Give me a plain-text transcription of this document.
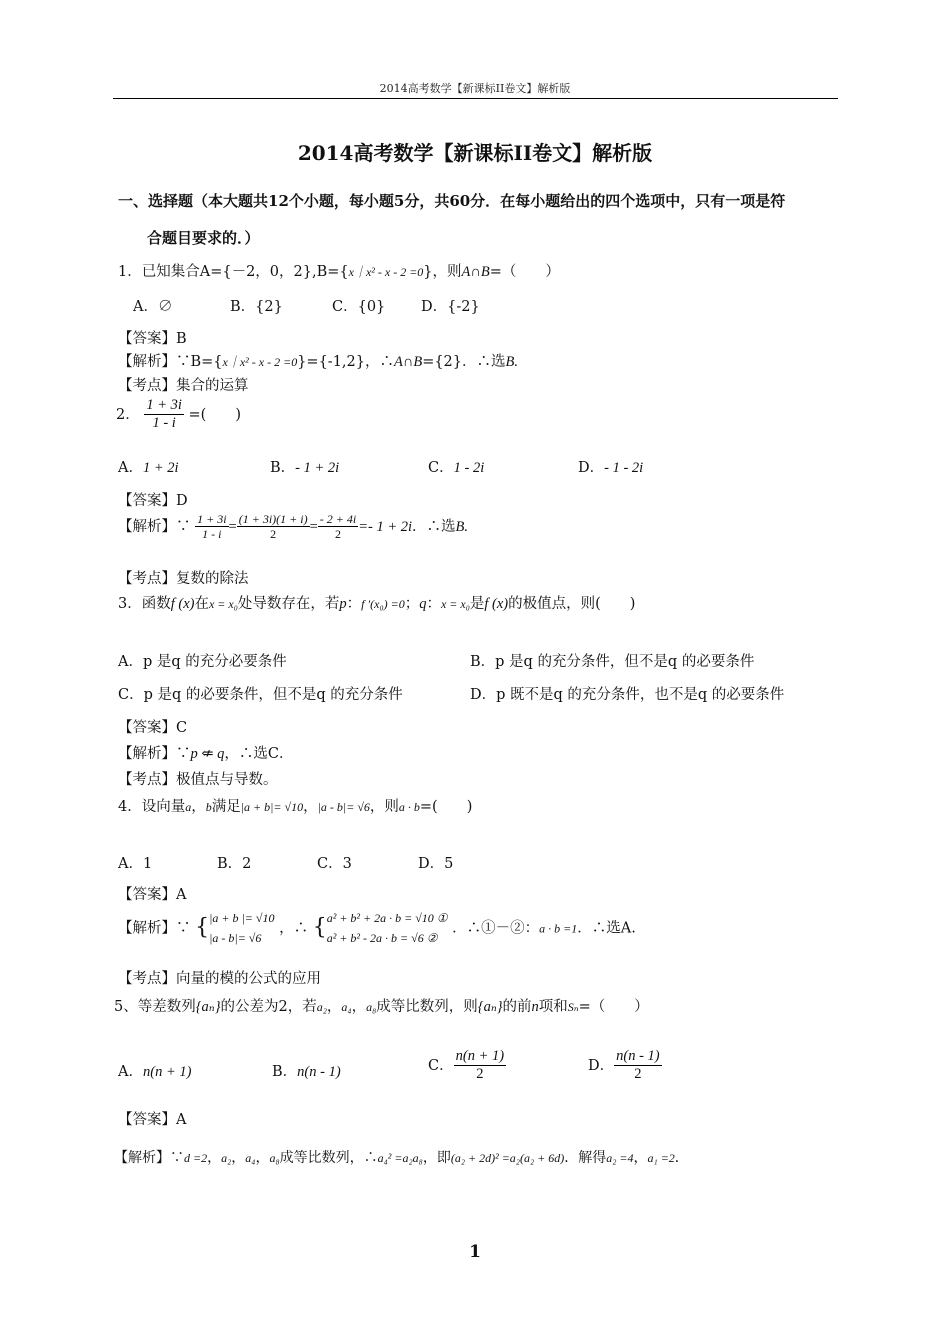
2014高考数学【新课标II卷文】解析版
2014高考数学【新课标II卷文】解析版
一、选择题（本大题共12个小题，每小题5分，共60分．在每小题给出的四个选项中，只有一项是符
合题目要求的．）
1．已知集合A={－2，0，2},B={x｜x² - x - 2 =0}，则A∩B=（　　）
A．∅	B．{2}	C．{0} D．{-2}
【答案】B
【解析】∵B={x｜x² - x - 2 =0}={-1,2}，∴A∩B={2}．∴选B.
【考点】集合的运算
2． $\frac{1 + 3i}{1 - i}$ =(　　)
A．1 + 2i	B．- 1 + 2i	C．1 - 2i	D．- 1 - 2i
【答案】D
【解析】∵ $\frac{1 + 3i}{1 - i} = \frac{(1 + 3i)(1 + i)}{2} = \frac{- 2 + 4i}{2} =- 1 + 2i$．∴选B.
【考点】复数的除法
3．函数f (x)在x = x₀处导数存在，若p：f ′(x₀) =0；q：x = x₀是f (x)的极值点，则(　　)
A．p 是q 的充分必要条件	B．p 是q 的充分条件，但不是q 的必要条件
C．p 是q 的必要条件，但不是q 的充分条件	D．p 既不是q 的充分条件，也不是q 的必要条件
【答案】C
【解析】∵p ⇍ q，∴选C．
【考点】极值点与导数。
4．设向量a，b满足|a + b|= √10，|a - b|= √6，则a · b=(　　)
A．1	B．2	C．3	D．5
【答案】A
【解析】∵ { |a + b |= √10
|a - b|= √6
，∴ { a² + b² + 2a · b = √10 ①
a² + b² - 2a · b = √6 ②
．∴①－②：a · b =1．∴选A.
【考点】向量的模的公式的应用
5、等差数列{aₙ}的公差为2，若a₂，a₄，a₈成等比数列，则{aₙ}的前n项和Sₙ=（　　）
A．n(n + 1)	B．n(n - 1)	C． $\frac{n(n + 1)}{2}$	D． $\frac{n(n - 1)}{2}$
【答案】A
【解析】∵d =2，a₂，a₄，a₈成等比数列，∴a₄² =a₂a₈，即(a₂ + 2d)² =a₂(a₂ + 6d)．解得a₂ =4，a₁ =2．
1
